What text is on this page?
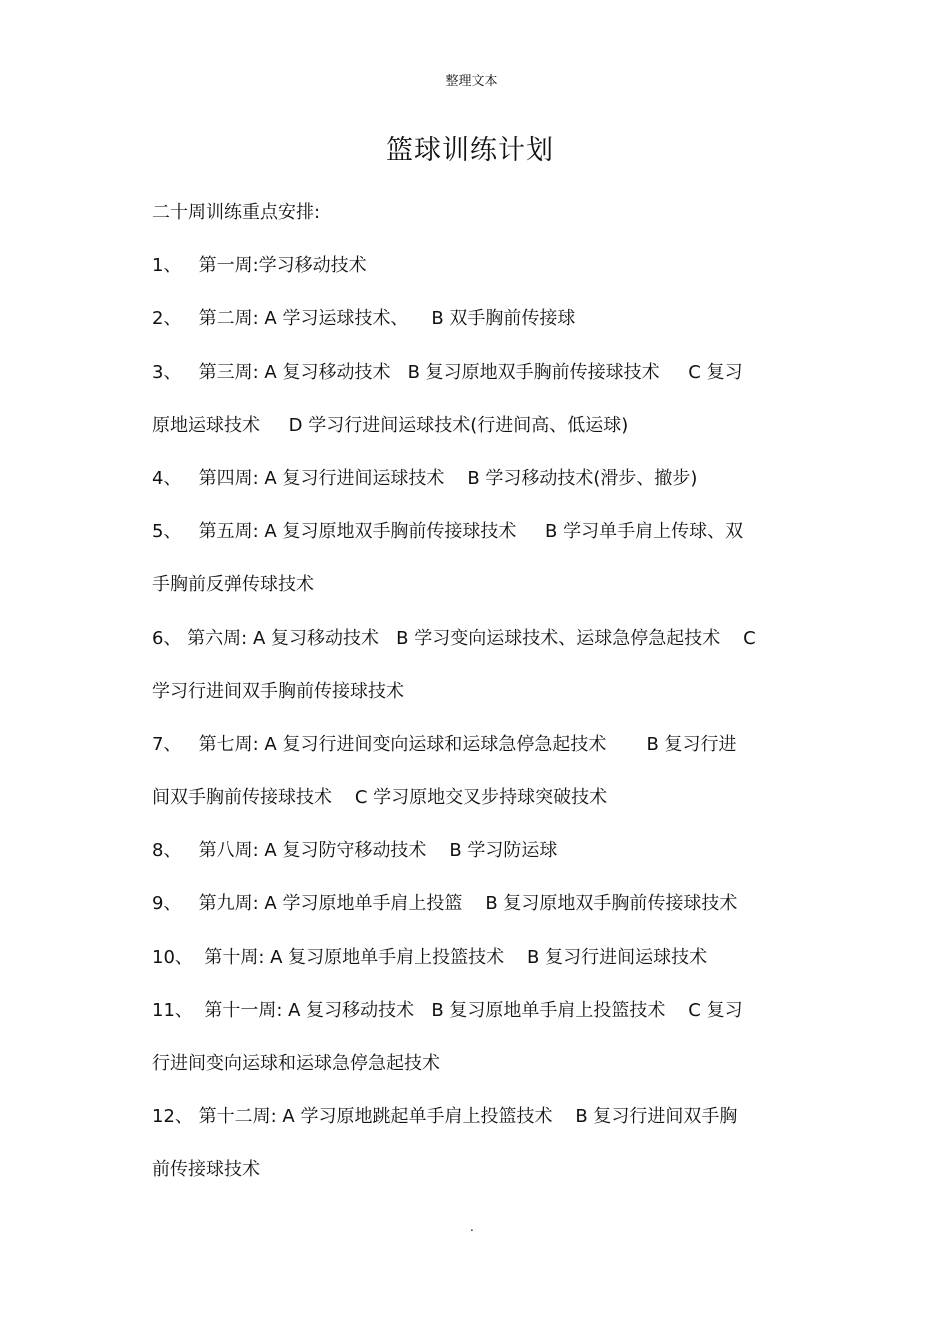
整理文本
篮球训练计划
二十周训练重点安排:
1、   第一周:学习移动技术
2、   第二周: A 学习运球技术、    B 双手胸前传接球
3、   第三周: A 复习移动技术   B 复习原地双手胸前传接球技术     C 复习
原地运球技术     D 学习行进间运球技术(行进间高、低运球)
4、   第四周: A 复习行进间运球技术    B 学习移动技术(滑步、撤步)
5、   第五周: A 复习原地双手胸前传接球技术     B 学习单手肩上传球、双
手胸前反弹传球技术
6、 第六周: A 复习移动技术   B 学习变向运球技术、运球急停急起技术    C
学习行进间双手胸前传接球技术
7、   第七周: A 复习行进间变向运球和运球急停急起技术       B 复习行进
间双手胸前传接球技术    C 学习原地交叉步持球突破技术
8、   第八周: A 复习防守移动技术    B 学习防运球
9、   第九周: A 学习原地单手肩上投篮    B 复习原地双手胸前传接球技术
10、  第十周: A 复习原地单手肩上投篮技术    B 复习行进间运球技术
11、  第十一周: A 复习移动技术   B 复习原地单手肩上投篮技术    C 复习
行进间变向运球和运球急停急起技术
12、 第十二周: A 学习原地跳起单手肩上投篮技术    B 复习行进间双手胸
前传接球技术
.
